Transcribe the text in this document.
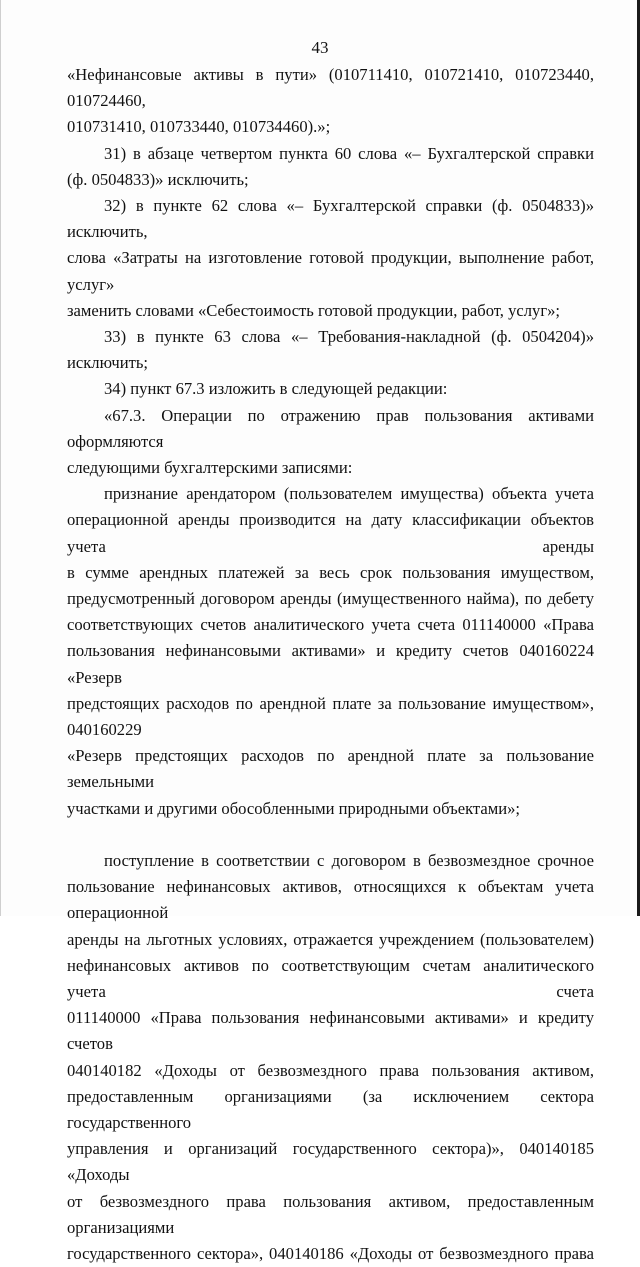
43

«Нефинансовые активы в пути» (010711410, 010721410, 010723440, 010724460,

010731410, 010733440, 010734460).»;

31) в абзаце четвертом пункта 60 слова «– Бухгалтерской справки

(ф. 0504833)» исключить;

32) в пункте 62 слова «– Бухгалтерской справки (ф. 0504833)» исключить,

слова «Затраты на изготовление готовой продукции, выполнение работ, услуг»

заменить словами «Себестоимость готовой продукции, работ, услуг»;

33) в пункте 63 слова «– Требования-накладной (ф. 0504204)» исключить;

34) пункт 67.3 изложить в следующей редакции:

«67.3. Операции по отражению прав пользования активами оформляются

следующими бухгалтерскими записями:

признание арендатором (пользователем имущества) объекта учета

операционной аренды производится на дату классификации объектов учета аренды

в сумме арендных платежей за весь срок пользования имуществом,

предусмотренный договором аренды (имущественного найма), по дебету

соответствующих счетов аналитического учета счета 011140000 «Права

пользования нефинансовыми активами» и кредиту счетов 040160224 «Резерв

предстоящих расходов по арендной плате за пользование имуществом», 040160229

«Резерв предстоящих расходов по арендной плате за пользование земельными

участками и другими обособленными природными объектами»;

поступление в соответствии с договором в безвозмездное срочное

пользование нефинансовых активов, относящихся к объектам учета операционной

аренды на льготных условиях, отражается учреждением (пользователем)

нефинансовых активов по соответствующим счетам аналитического учета счета

011140000 «Права пользования нефинансовыми активами» и кредиту счетов

040140182 «Доходы от безвозмездного права пользования активом,

предоставленным организациями (за исключением сектора государственного

управления и организаций государственного сектора)», 040140185 «Доходы

от безвозмездного права пользования активом, предоставленным организациями

государственного сектора», 040140186 «Доходы от безвозмездного права
